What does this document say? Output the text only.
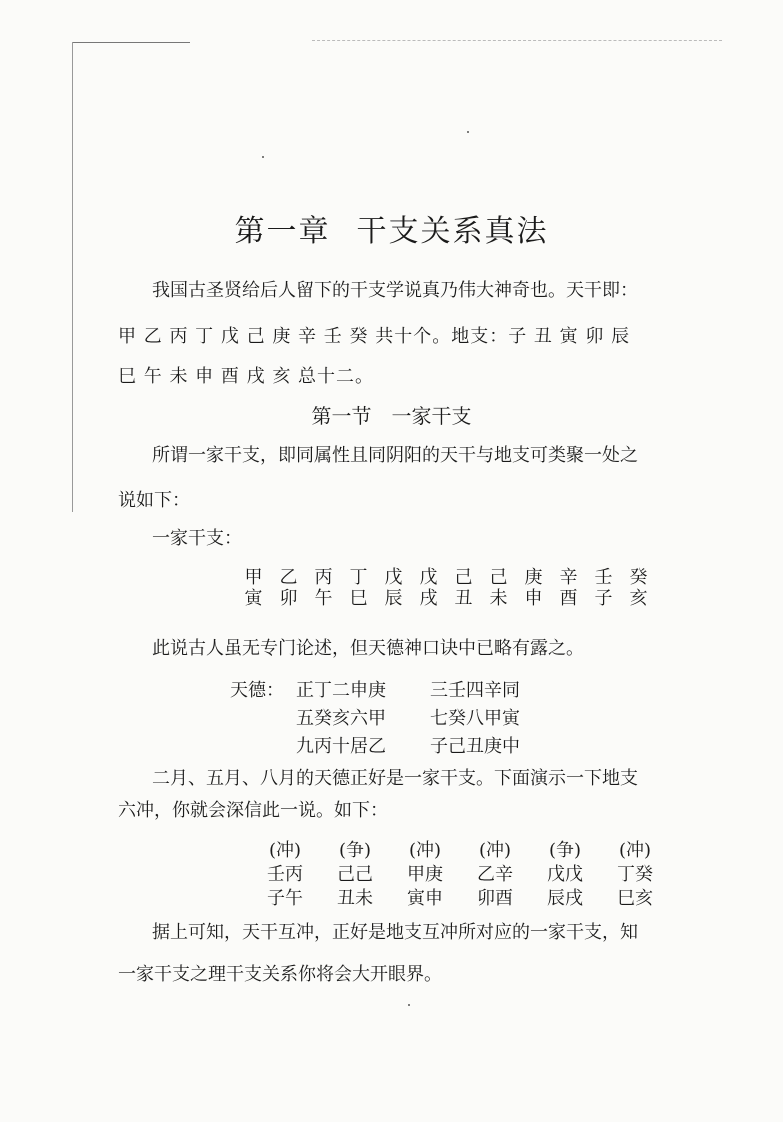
第一章 干支关系真法
我国古圣贤给后人留下的干支学说真乃伟大神奇也。天干即：
甲 乙 丙 丁 戊 己 庚 辛 壬 癸 共十个。地支：子 丑 寅 卯 辰
巳 午 未 申 酉 戌 亥 总十二。
第一节　一家干支
所谓一家干支，即同属性且同阴阳的天干与地支可类聚一处之
说如下：
一家干支：
甲 乙 丙 丁 戊 戊 己 己 庚 辛 壬 癸
寅 卯 午 巳 辰 戌 丑 未 申 酉 子 亥
此说古人虽无专门论述，但天德神口诀中已略有露之。
天德： 正丁二申庚 三壬四辛同
五癸亥六甲 七癸八甲寅
九丙十居乙 子己丑庚中
二月、五月、八月的天德正好是一家干支。下面演示一下地支
六冲，你就会深信此一说。如下：
(冲)	(争)	(冲)	(冲)	(争)	(冲)
壬丙	己己	甲庚	乙辛	戊戊	丁癸
子午	丑未	寅申	卯酉	辰戌	巳亥
据上可知，天干互冲，正好是地支互冲所对应的一家干支，知
一家干支之理干支关系你将会大开眼界。
